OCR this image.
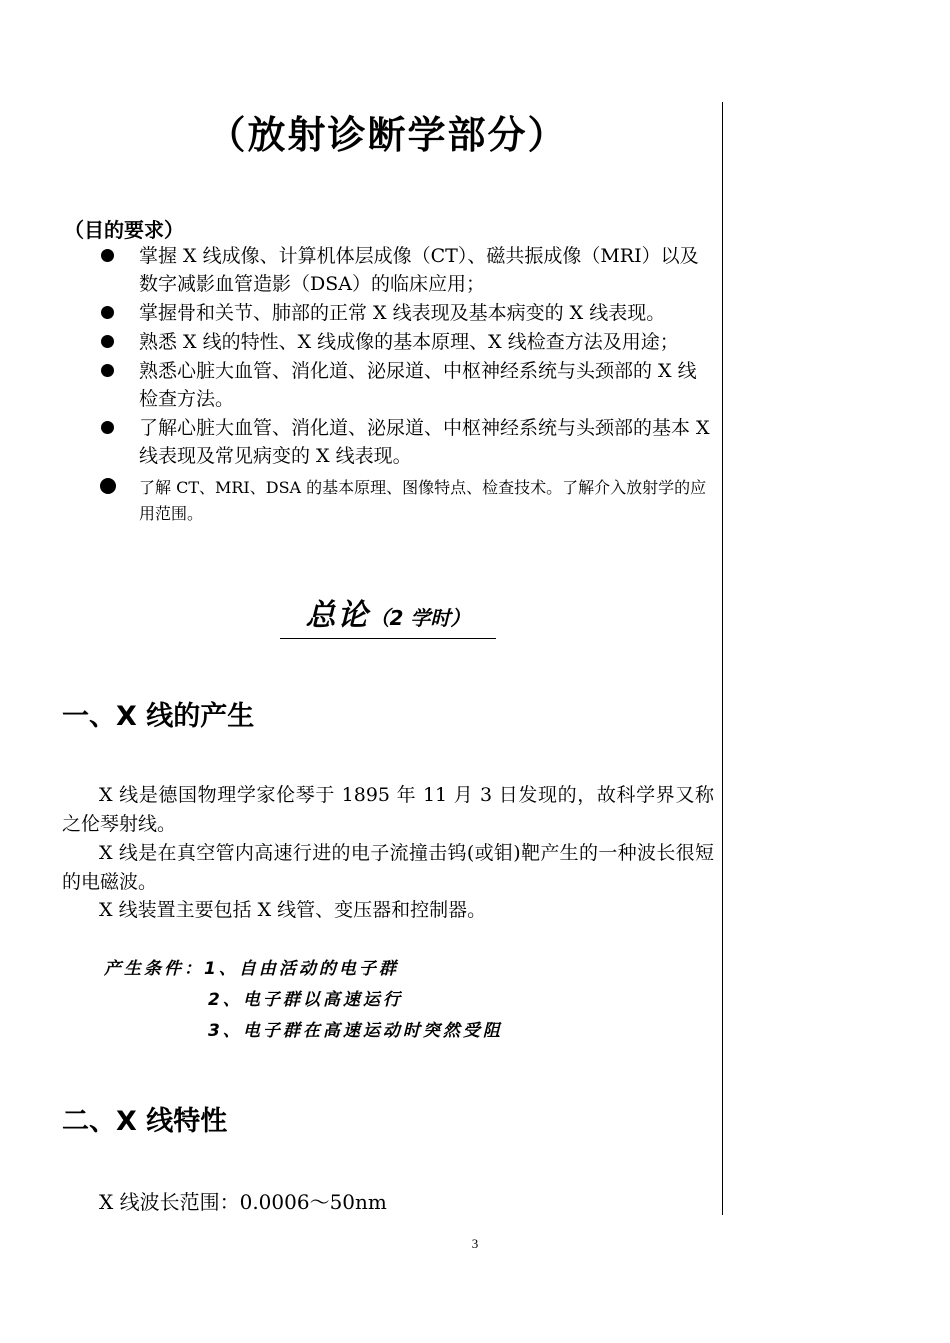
（放射诊断学部分）
（目的要求）
掌握 X 线成像、计算机体层成像（CT）、磁共振成像（MRI）以及数字减影血管造影（DSA）的临床应用；
掌握骨和关节、肺部的正常 X 线表现及基本病变的 X 线表现。
熟悉 X 线的特性、X 线成像的基本原理、X 线检查方法及用途；
熟悉心脏大血管、消化道、泌尿道、中枢神经系统与头颈部的 X 线检查方法。
了解心脏大血管、消化道、泌尿道、中枢神经系统与头颈部的基本 X 线表现及常见病变的 X 线表现。
了解 CT、MRI、DSA 的基本原理、图像特点、检查技术。了解介入放射学的应用范围。
总论（2 学时）
一、X 线的产生

X 线是德国物理学家伦琴于 1895 年 11 月 3 日发现的，故科学界又称之伦琴射线。

X 线是在真空管内高速行进的电子流撞击钨(或钼)靶产生的一种波长很短的电磁波。

X 线装置主要包括 X 线管、变压器和控制器。

产生条件：1、自由活动的电子群
2、电子群以高速运行
3、电子群在高速运动时突然受阻
二、X 线特性
X 线波长范围：0.0006～50nm
3
